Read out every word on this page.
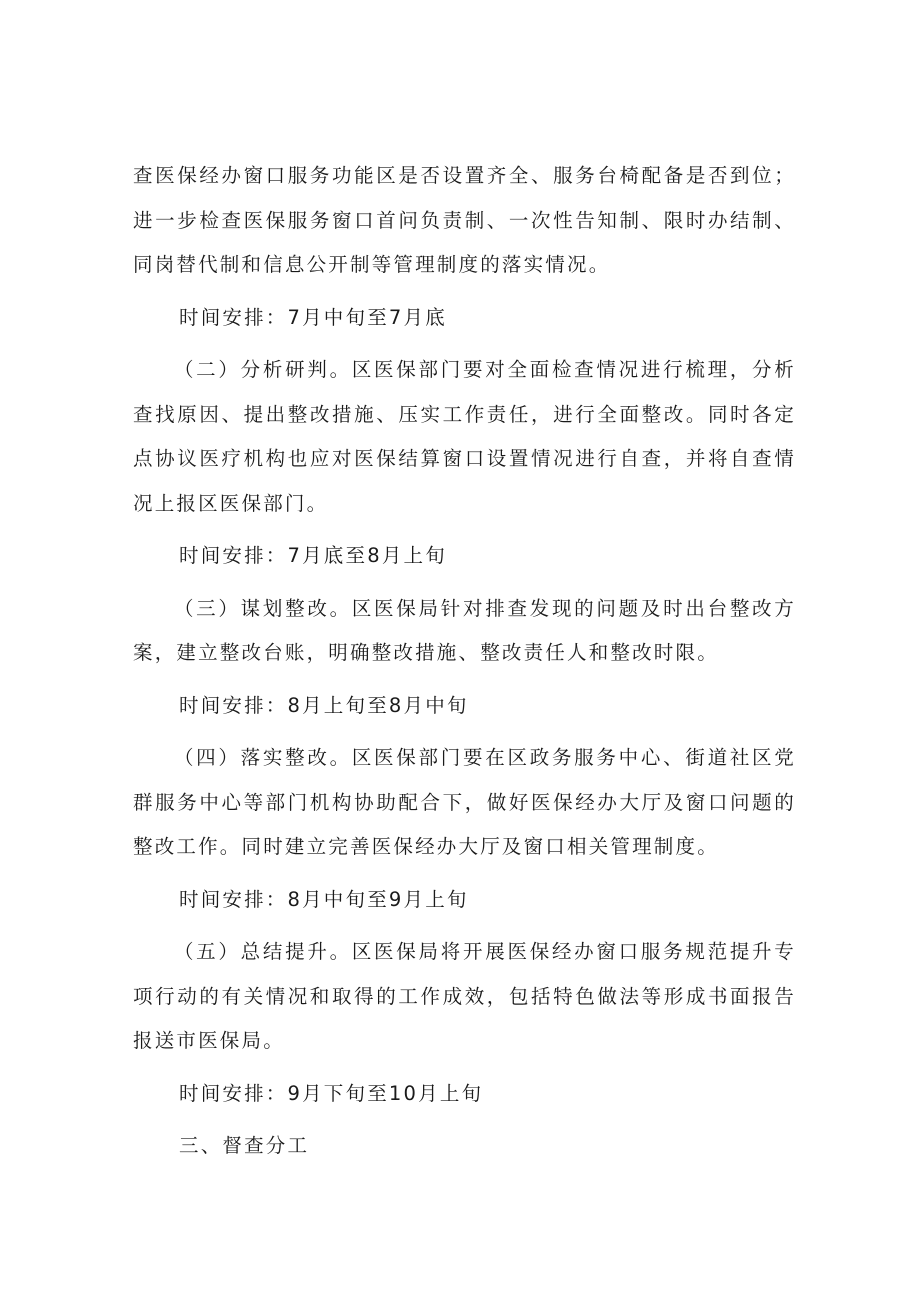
查医保经办窗口服务功能区是否设置齐全、服务台椅配备是否到位；进一步检查医保服务窗口首问负责制、一次性告知制、限时办结制、同岗替代制和信息公开制等管理制度的落实情况。

时间安排：7月中旬至7月底

（二）分析研判。区医保部门要对全面检查情况进行梳理，分析查找原因、提出整改措施、压实工作责任，进行全面整改。同时各定点协议医疗机构也应对医保结算窗口设置情况进行自查，并将自查情况上报区医保部门。

时间安排：7月底至8月上旬

（三）谋划整改。区医保局针对排查发现的问题及时出台整改方案，建立整改台账，明确整改措施、整改责任人和整改时限。

时间安排：8月上旬至8月中旬

（四）落实整改。区医保部门要在区政务服务中心、街道社区党群服务中心等部门机构协助配合下，做好医保经办大厅及窗口问题的整改工作。同时建立完善医保经办大厅及窗口相关管理制度。

时间安排：8月中旬至9月上旬

（五）总结提升。区医保局将开展医保经办窗口服务规范提升专项行动的有关情况和取得的工作成效，包括特色做法等形成书面报告报送市医保局。

时间安排：9月下旬至10月上旬

三、督查分工
